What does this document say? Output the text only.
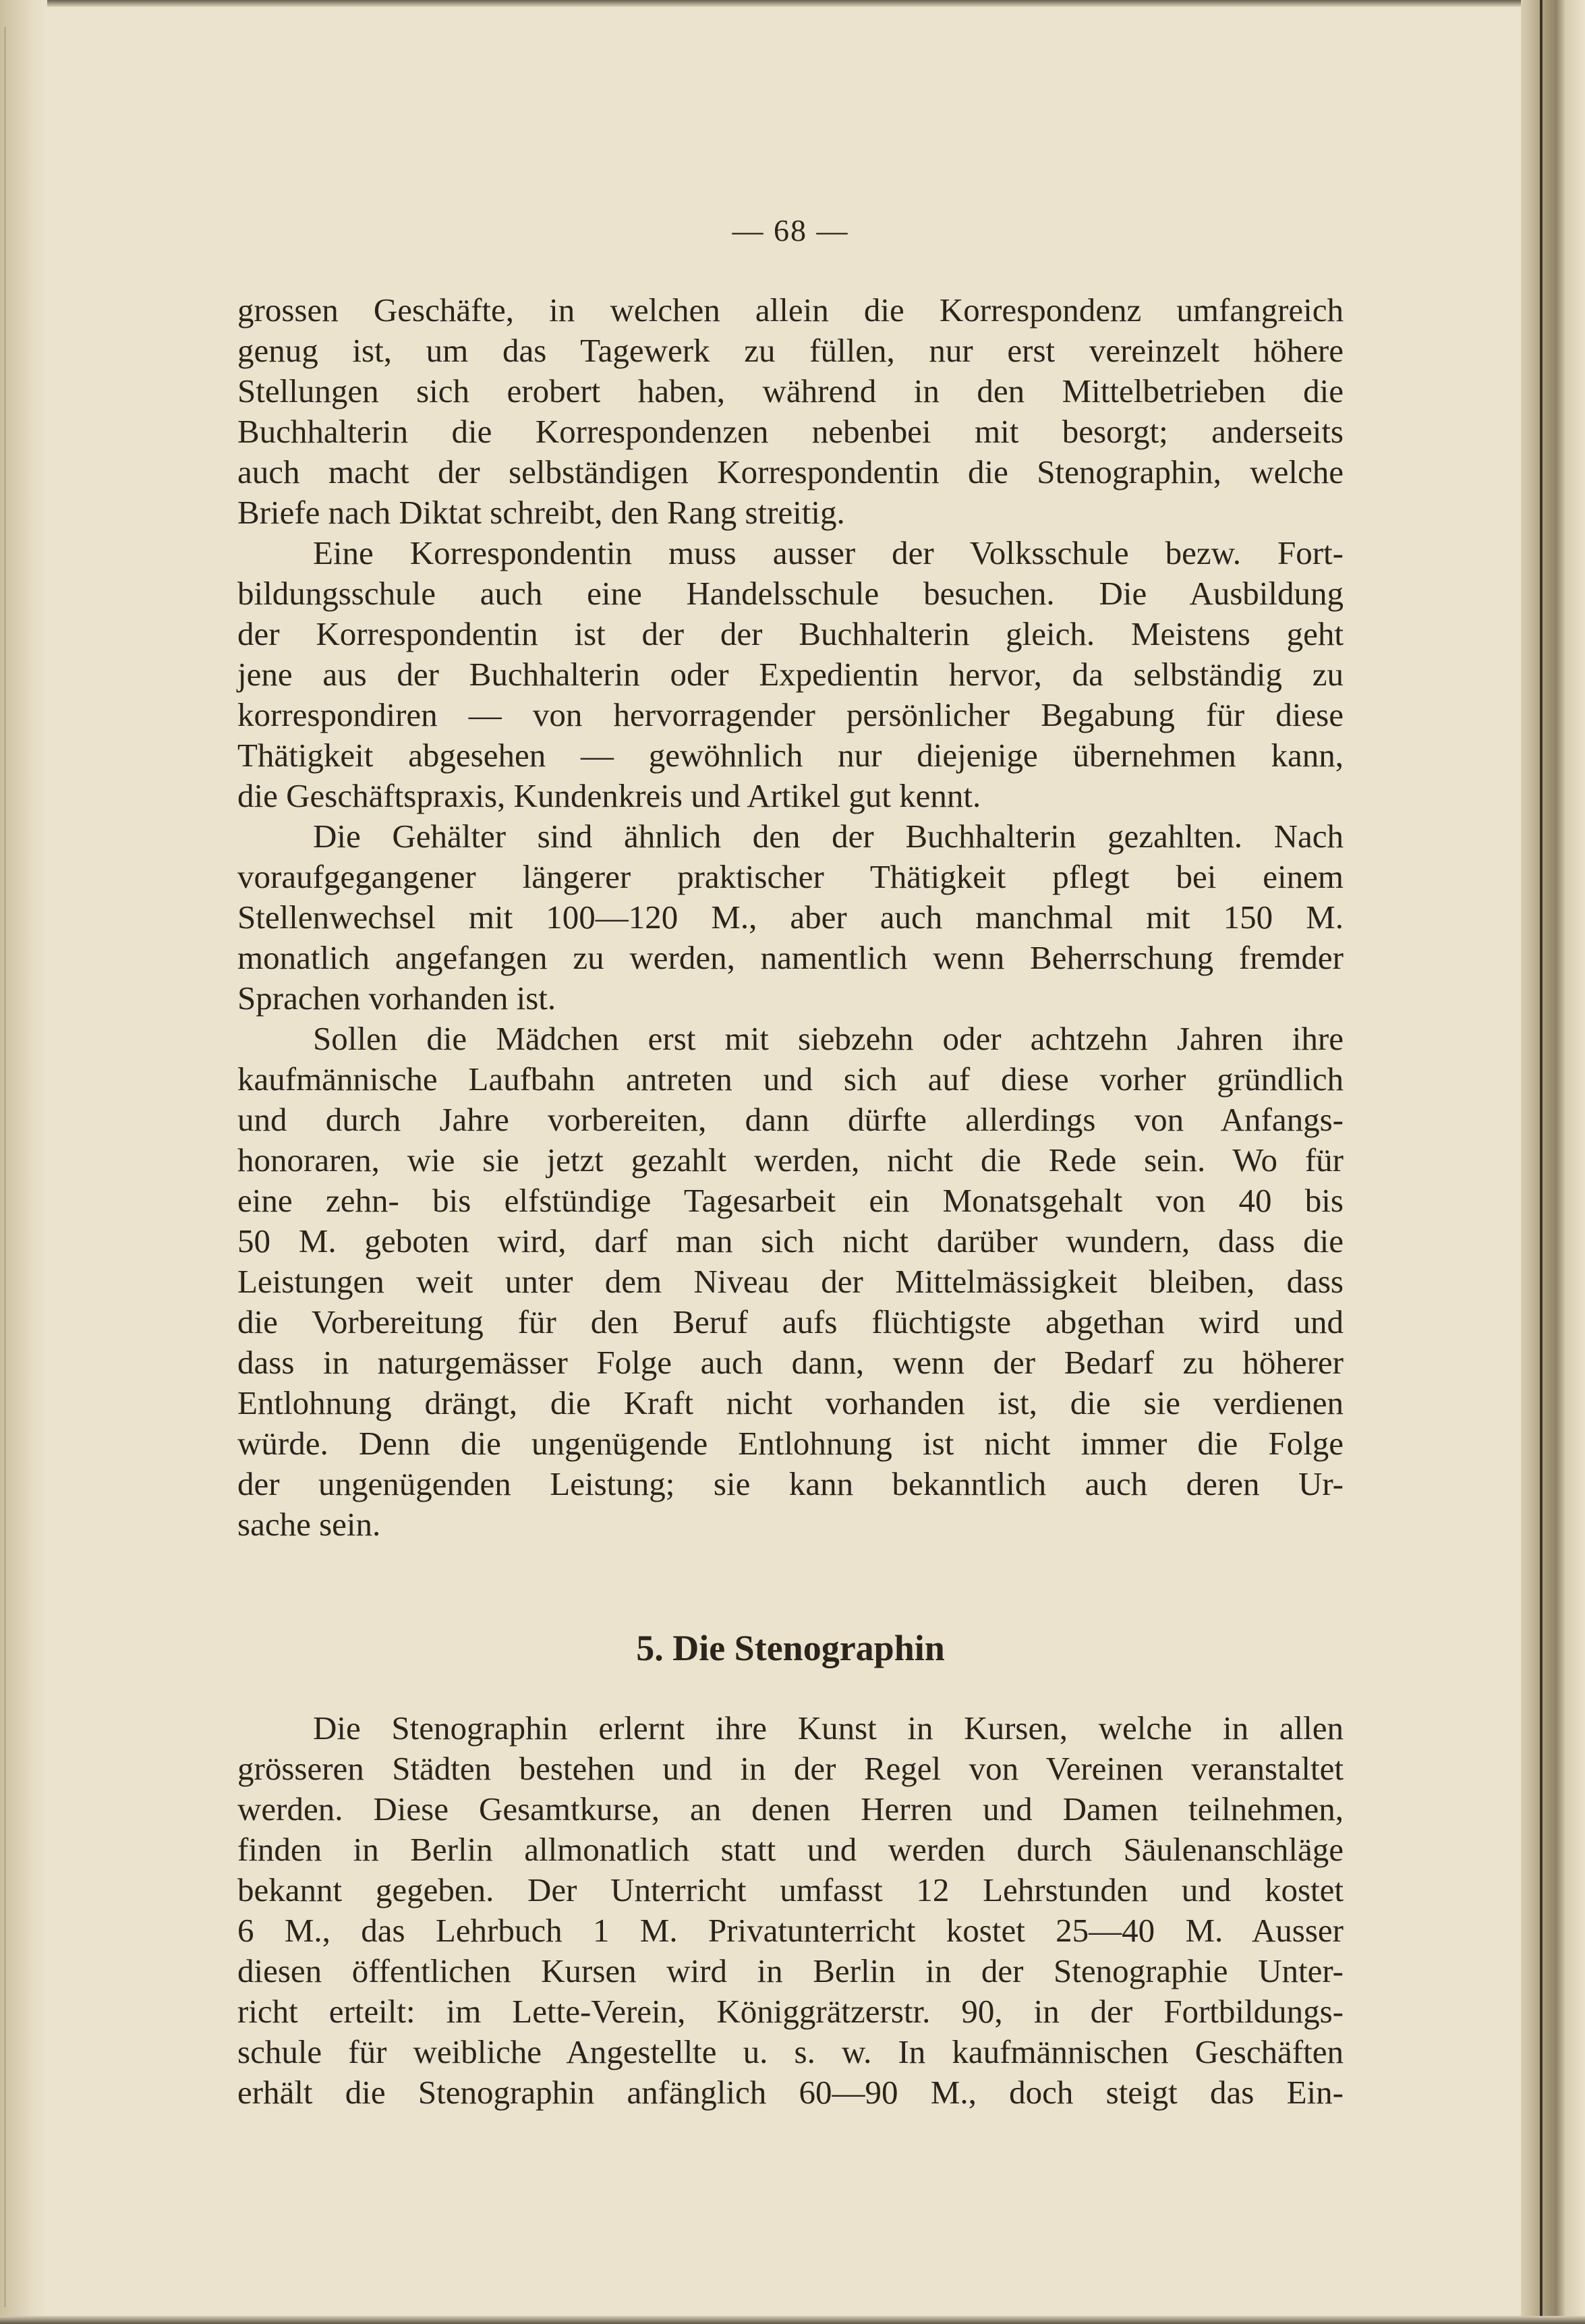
— 68 —

grossen Geschäfte, in welchen allein die Korrespondenz umfangreich
genug ist, um das Tagewerk zu füllen, nur erst vereinzelt höhere
Stellungen sich erobert haben, während in den Mittelbetrieben die
Buchhalterin die Korrespondenzen nebenbei mit besorgt; anderseits
auch macht der selbständigen Korrespondentin die Stenographin, welche
Briefe nach Diktat schreibt, den Rang streitig.
Eine Korrespondentin muss ausser der Volksschule bezw. Fort-
bildungsschule auch eine Handelsschule besuchen. Die Ausbildung
der Korrespondentin ist der der Buchhalterin gleich. Meistens geht
jene aus der Buchhalterin oder Expedientin hervor, da selbständig zu
korrespondiren — von hervorragender persönlicher Begabung für diese
Thätigkeit abgesehen — gewöhnlich nur diejenige übernehmen kann,
die Geschäftspraxis, Kundenkreis und Artikel gut kennt.
Die Gehälter sind ähnlich den der Buchhalterin gezahlten. Nach
voraufgegangener längerer praktischer Thätigkeit pflegt bei einem
Stellenwechsel mit 100—120 M., aber auch manchmal mit 150 M.
monatlich angefangen zu werden, namentlich wenn Beherrschung fremder
Sprachen vorhanden ist.
Sollen die Mädchen erst mit siebzehn oder achtzehn Jahren ihre
kaufmännische Laufbahn antreten und sich auf diese vorher gründlich
und durch Jahre vorbereiten, dann dürfte allerdings von Anfangs-
honoraren, wie sie jetzt gezahlt werden, nicht die Rede sein. Wo für
eine zehn- bis elfstündige Tagesarbeit ein Monatsgehalt von 40 bis
50 M. geboten wird, darf man sich nicht darüber wundern, dass die
Leistungen weit unter dem Niveau der Mittelmässigkeit bleiben, dass
die Vorbereitung für den Beruf aufs flüchtigste abgethan wird und
dass in naturgemässer Folge auch dann, wenn der Bedarf zu höherer
Entlohnung drängt, die Kraft nicht vorhanden ist, die sie verdienen
würde. Denn die ungenügende Entlohnung ist nicht immer die Folge
der ungenügenden Leistung; sie kann bekanntlich auch deren Ur-
sache sein.
5. Die Stenographin
Die Stenographin erlernt ihre Kunst in Kursen, welche in allen
grösseren Städten bestehen und in der Regel von Vereinen veranstaltet
werden. Diese Gesamtkurse, an denen Herren und Damen teilnehmen,
finden in Berlin allmonatlich statt und werden durch Säulenanschläge
bekannt gegeben. Der Unterricht umfasst 12 Lehrstunden und kostet
6 M., das Lehrbuch 1 M. Privatunterricht kostet 25—40 M. Ausser
diesen öffentlichen Kursen wird in Berlin in der Stenographie Unter-
richt erteilt: im Lette-Verein, Königgrätzerstr. 90, in der Fortbildungs-
schule für weibliche Angestellte u. s. w. In kaufmännischen Geschäften
erhält die Stenographin anfänglich 60—90 M., doch steigt das Ein-
